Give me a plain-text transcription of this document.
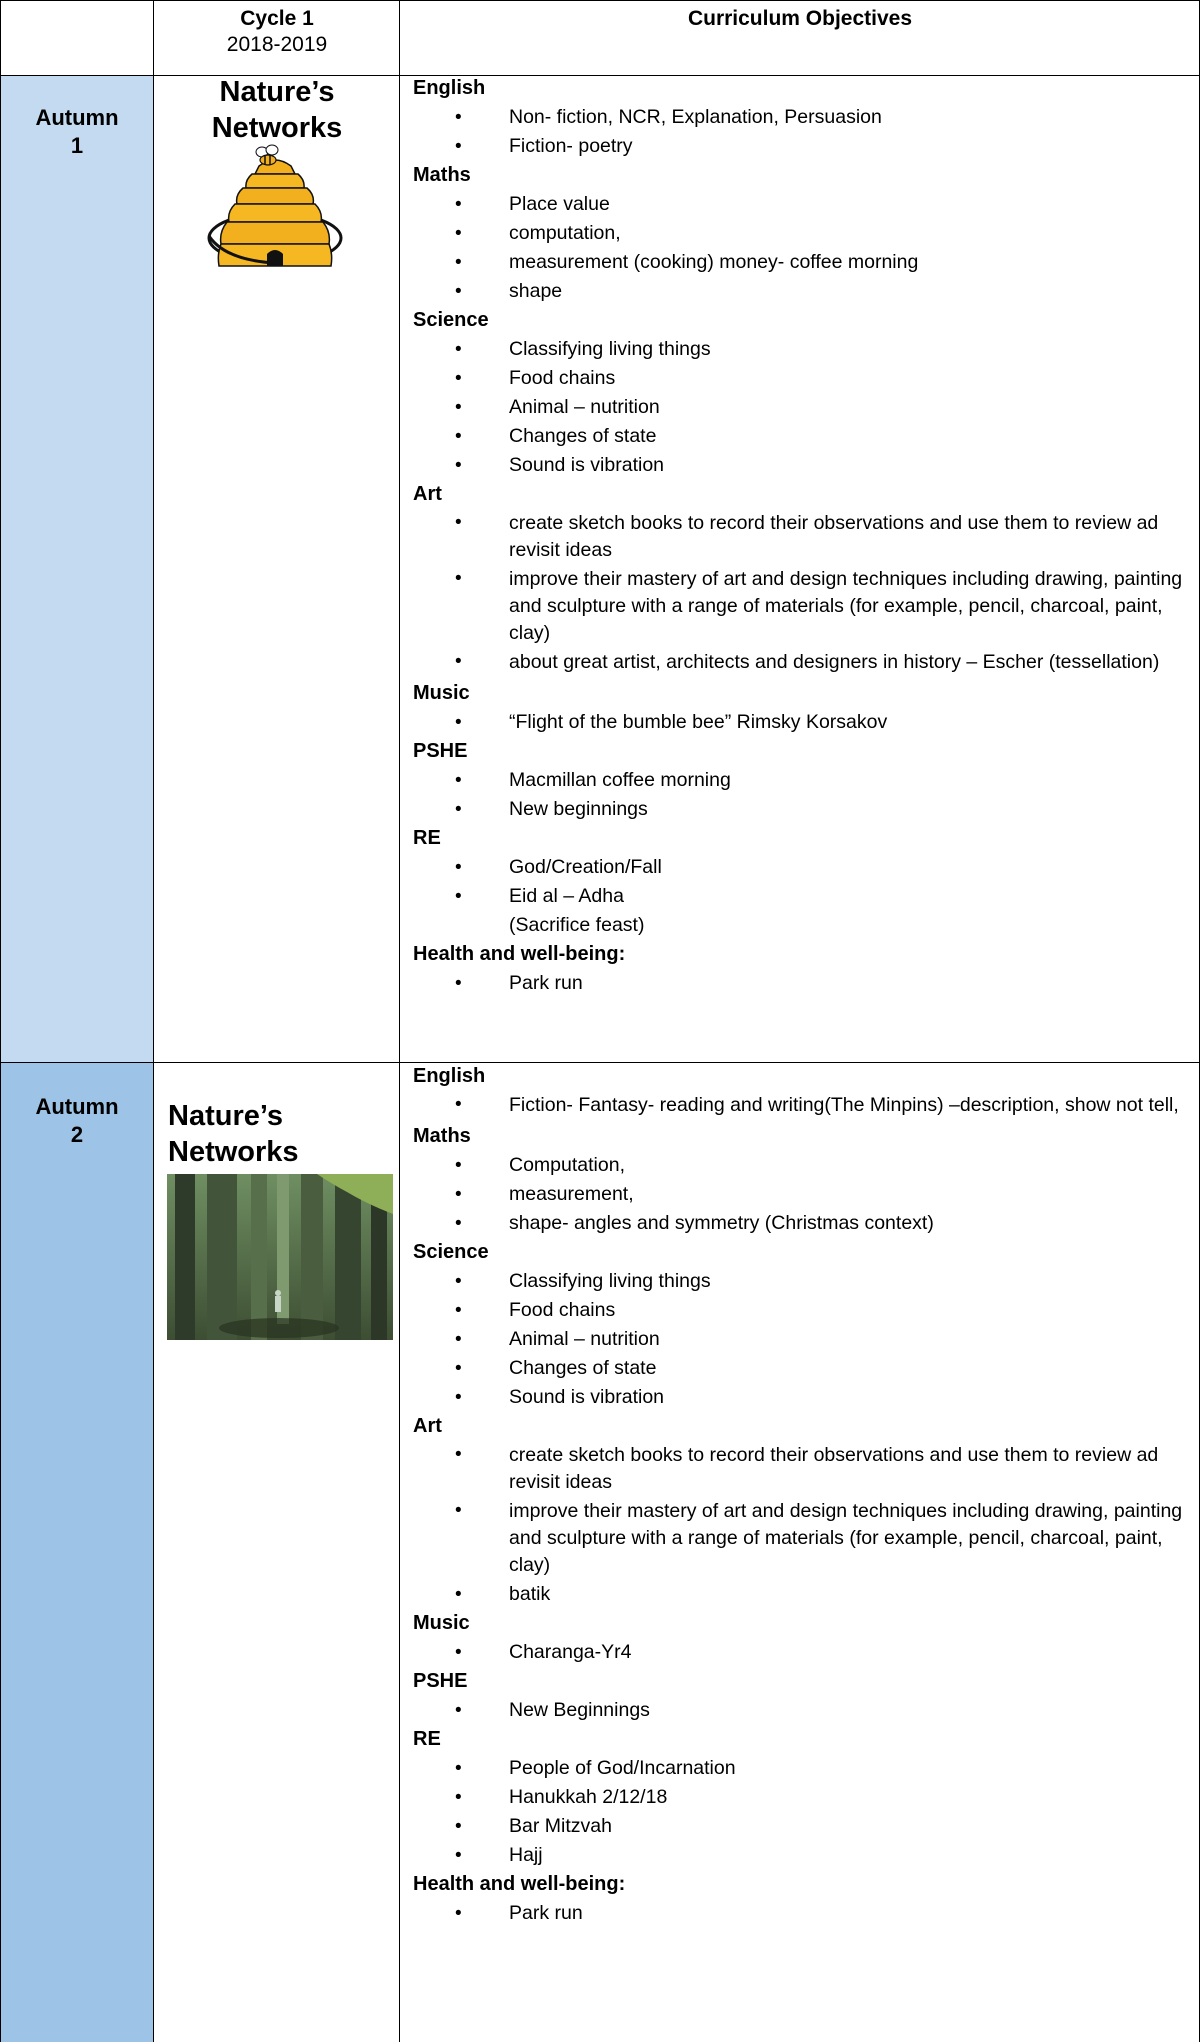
Cycle 1
2018-2019
Curriculum Objectives
Autumn
1
Nature’s
Networks
English
• Non- fiction, NCR, Explanation, Persuasion
• Fiction- poetry
Maths
• Place value
• computation,
• measurement (cooking) money- coffee morning
• shape
Science
• Classifying living things
• Food chains
• Animal – nutrition
• Changes of state
• Sound is vibration
Art
• create sketch books to record their observations and use them to review ad revisit ideas
• improve their mastery of art and design techniques including drawing, painting and sculpture with a range of materials (for example, pencil, charcoal, paint, clay)
• about great artist, architects and designers in history – Escher (tessellation)
Music
• “Flight of the bumble bee” Rimsky Korsakov
PSHE
• Macmillan coffee morning
• New beginnings
RE
• God/Creation/Fall
• Eid al – Adha
(Sacrifice feast)
Health and well-being:
• Park run
Autumn
2
Nature’s
Networks
English
• Fiction- Fantasy- reading and writing(The Minpins) –description, show not tell,
Maths
• Computation,
• measurement,
• shape- angles and symmetry (Christmas context)
Science
• Classifying living things
• Food chains
• Animal – nutrition
• Changes of state
• Sound is vibration
Art
• create sketch books to record their observations and use them to review ad revisit ideas
• improve their mastery of art and design techniques including drawing, painting and sculpture with a range of materials (for example, pencil, charcoal, paint, clay)
• batik
Music
• Charanga-Yr4
PSHE
• New Beginnings
RE
• People of God/Incarnation
• Hanukkah 2/12/18
• Bar Mitzvah
• Hajj
Health and well-being:
• Park run
